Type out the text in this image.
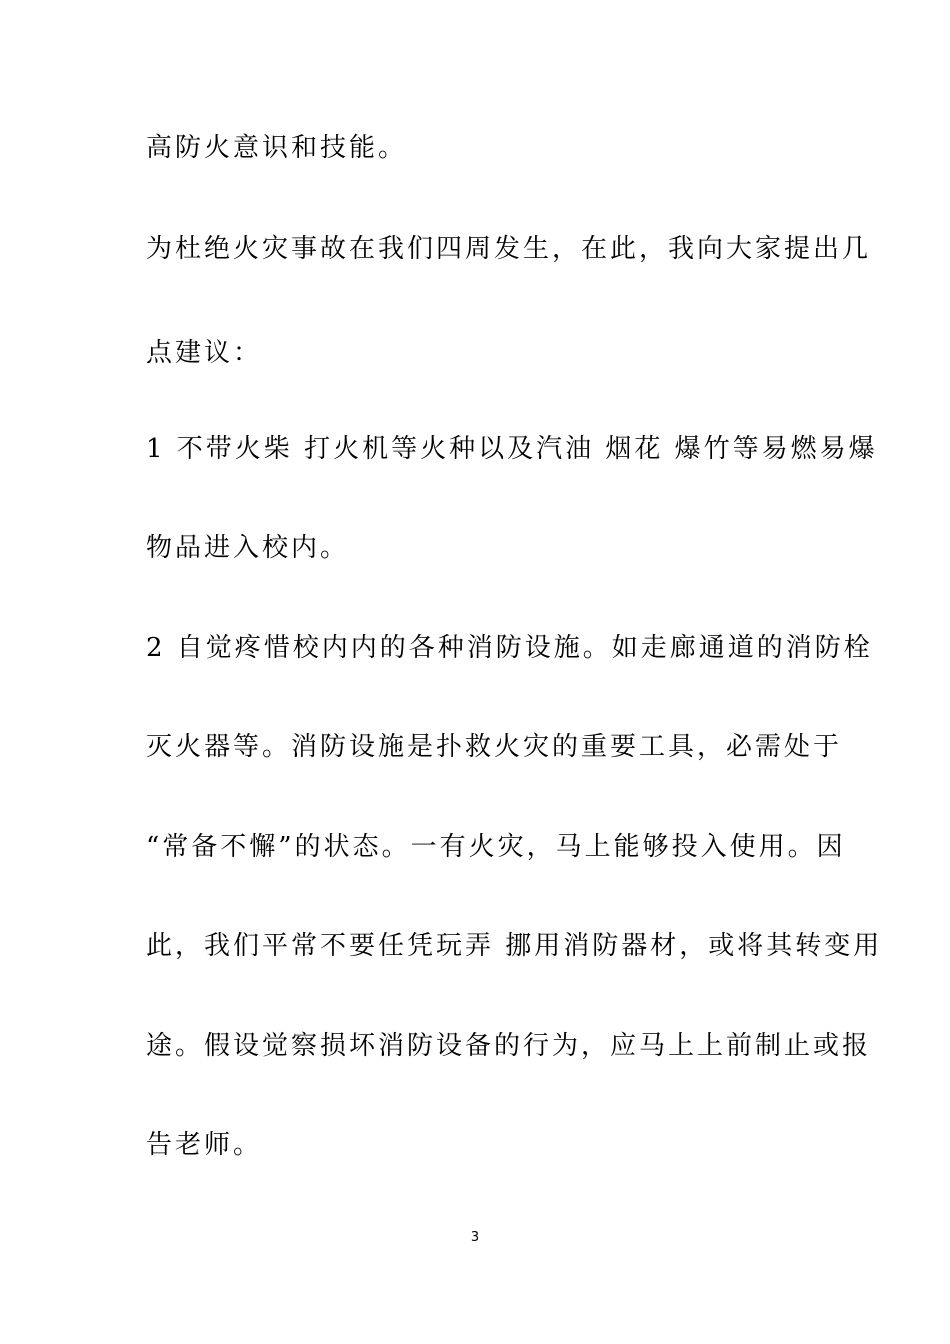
高防火意识和技能。
为杜绝火灾事故在我们四周发生，在此，我向大家提出几
点建议：
1 不带火柴 打火机等火种以及汽油 烟花 爆竹等易燃易爆
物品进入校内。
2 自觉疼惜校内内的各种消防设施。如走廊通道的消防栓
灭火器等。消防设施是扑救火灾的重要工具，必需处于
“常备不懈”的状态。一有火灾，马上能够投入使用。因
此，我们平常不要任凭玩弄 挪用消防器材，或将其转变用
途。假设觉察损坏消防设备的行为，应马上上前制止或报
告老师。
3
